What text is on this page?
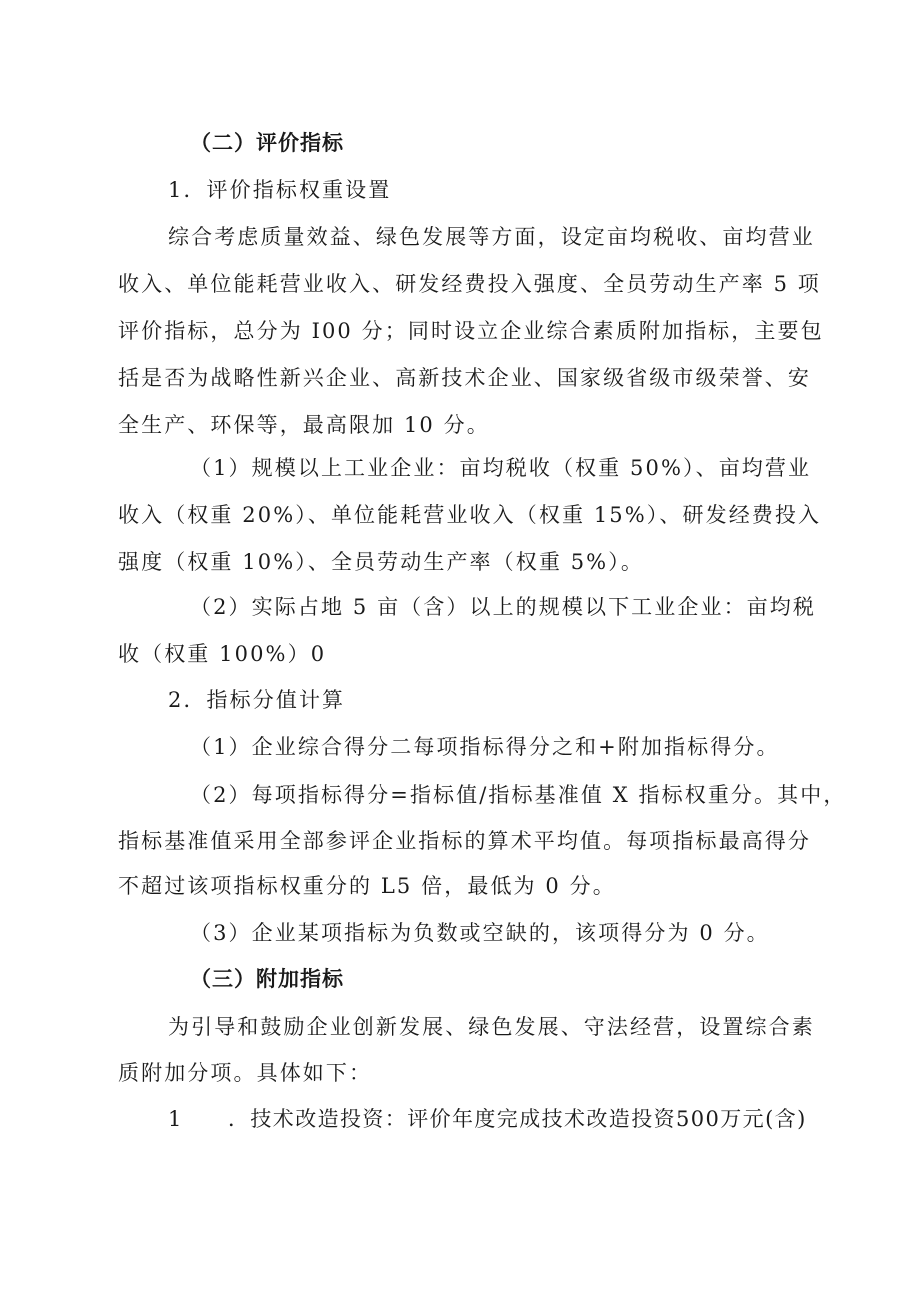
（二）评价指标
1．评价指标权重设置
综合考虑质量效益、绿色发展等方面，设定亩均税收、亩均营业
收入、单位能耗营业收入、研发经费投入强度、全员劳动生产率 5 项
评价指标，总分为 I00 分；同时设立企业综合素质附加指标，主要包
括是否为战略性新兴企业、高新技术企业、国家级省级市级荣誉、安
全生产、环保等，最高限加 10 分。
（1）规模以上工业企业：亩均税收（权重 50%）、亩均营业
收入（权重 20%）、单位能耗营业收入（权重 15%）、研发经费投入
强度（权重 10%）、全员劳动生产率（权重 5%）。
（2）实际占地 5 亩（含）以上的规模以下工业企业：亩均税
收（权重 100%）0
2．指标分值计算
（1）企业综合得分二每项指标得分之和+附加指标得分。
（2）每项指标得分=指标值/指标基准值 X 指标权重分。其中，
指标基准值采用全部参评企业指标的算术平均值。每项指标最高得分
不超过该项指标权重分的 L5 倍，最低为 0 分。
（3）企业某项指标为负数或空缺的，该项得分为 0 分。
（三）附加指标
为引导和鼓励企业创新发展、绿色发展、守法经营，设置综合素
质附加分项。具体如下：
1 ．技术改造投资：评价年度完成技术改造投资500万元(含)
